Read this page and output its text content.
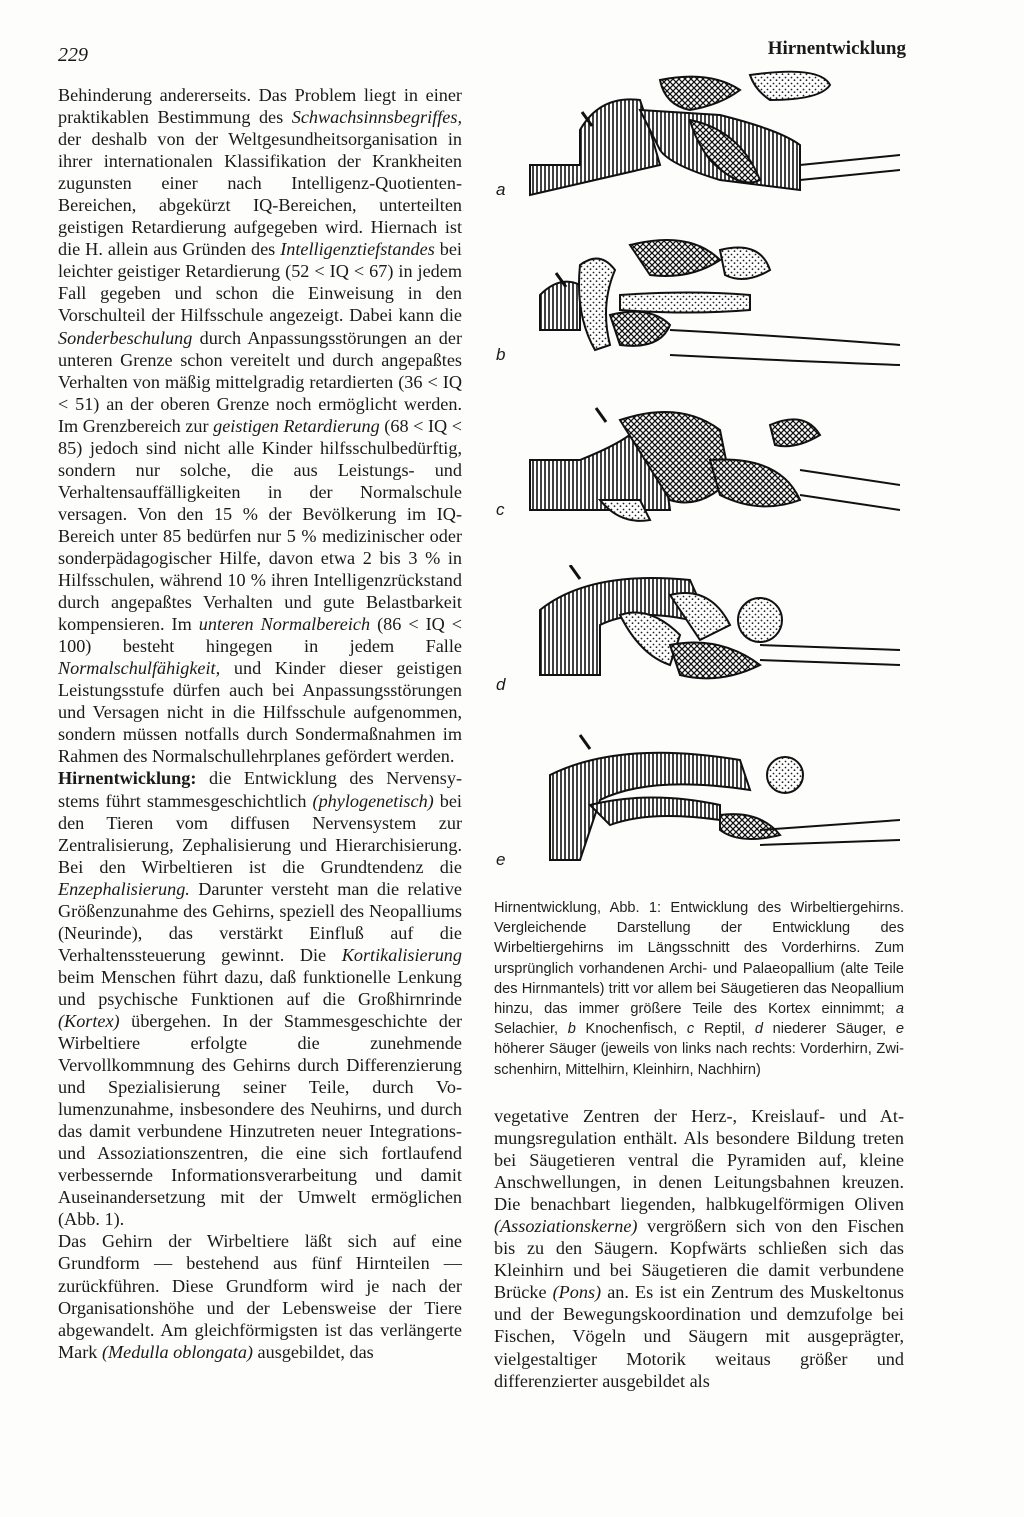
229	Hirnentwicklung

Behinderung andererseits. Das Problem liegt in einer praktikablen Bestimmung des Schwachsinnsbegriffes, der deshalb von der Weltgesundheitsorganisation in ihrer internationalen Klassifikation der Krankheiten zugunsten einer nach Intelligenz-Quotienten-Bereichen, abgekürzt IQ-Bereichen, unterteilten geistigen Retardierung aufgegeben wird. Hiernach ist die H. allein aus Gründen des Intelligenztiefstandes bei leichter geistiger Retardierung (52 < IQ < 67) in jedem Fall gegeben und schon die Einweisung in den Vorschulteil der Hilfsschule angezeigt. Dabei kann die Sonderbeschulung durch Anpassungsstörungen an der unteren Grenze schon vereitelt und durch angepaßtes Verhalten von mäßig mittelgradig retardierten (36 < IQ < 51) an der oberen Grenze noch ermöglicht werden. Im Grenzbereich zur geistigen Retardierung (68 < IQ < 85) jedoch sind nicht alle Kinder hilfsschulbedürftig, sondern nur solche, die aus Leistungs- und Verhaltensauffälligkeiten in der Normalschule versagen. Von den 15 % der Bevölkerung im IQ-Bereich unter 85 bedürfen nur 5 % medizinischer oder sonderpädagogischer Hilfe, davon etwa 2 bis 3 % in Hilfsschulen, während 10 % ihren Intelligenzrückstand durch angepaßtes Verhalten und gute Belastbarkeit kompensieren. Im unteren Normalbereich (86 < IQ < 100) besteht hingegen in jedem Falle Normalschulfähigkeit, und Kinder dieser geistigen Leistungsstufe dürfen auch bei Anpassungsstörungen und Versagen nicht in die Hilfsschule aufgenommen, sondern müssen notfalls durch Sondermaßnahmen im Rahmen des Normalschullehrplanes gefördert werden.

Hirnentwicklung: die Entwicklung des Nervensystems führt stammesgeschichtlich (phylogenetisch) bei den Tieren vom diffusen Nervensystem zur Zentralisierung, Zephalisierung und Hierarchisierung. Bei den Wirbeltieren ist die Grundtendenz die Enzephalisierung. Darunter versteht man die relative Größenzunahme des Gehirns, speziell des Neopalliums (Neurinde), das verstärkt Einfluß auf die Verhaltenssteuerung gewinnt. Die Kortikalisierung beim Menschen führt dazu, daß funktionelle Lenkung und psychische Funktionen auf die Großhirnrinde (Kortex) übergehen. In der Stammesgeschichte der Wirbeltiere erfolgte die zunehmende Vervollkommnung des Gehirns durch Differenzierung und Spezialisierung seiner Teile, durch Volumenzunahme, insbesondere des Neuhirns, und durch das damit verbundene Hinzutreten neuer Integrations- und Assoziationszentren, die eine sich fortlaufend verbessernde Informationsverarbeitung und damit Auseinandersetzung mit der Umwelt ermöglichen (Abb. 1).

Das Gehirn der Wirbeltiere läßt sich auf eine Grundform — bestehend aus fünf Hirnteilen — zurückführen. Diese Grundform wird je nach der Organisationshöhe und der Lebensweise der Tiere abgewandelt. Am gleichförmigsten ist das verlängerte Mark (Medulla oblongata) ausgebildet, das

a
b
c
d
e
Hirnentwicklung, Abb. 1: Entwicklung des Wirbeltiergehirns. Vergleichende Darstellung der Entwicklung des Wirbeltiergehirns im Längsschnitt des Vorderhirns. Zum ursprünglich vorhandenen Archi- und Palaeopallium (alte Teile des Hirnmantels) tritt vor allem bei Säugetieren das Neopallium hinzu, das immer größere Teile des Kortex einnimmt; a Selachier, b Knochenfisch, c Reptil, d niederer Säuger, e höherer Säuger (jeweils von links nach rechts: Vorderhirn, Zwischenhirn, Mittelhirn, Kleinhirn, Nachhirn)

vegetative Zentren der Herz-, Kreislauf- und Atmungsregulation enthält. Als besondere Bildung treten bei Säugetieren ventral die Pyramiden auf, kleine Anschwellungen, in denen Leitungsbahnen kreuzen. Die benachbart liegenden, halbkugelförmigen Oliven (Assoziationskerne) vergrößern sich von den Fischen bis zu den Säugern. Kopfwärts schließen sich das Kleinhirn und bei Säugetieren die damit verbundene Brücke (Pons) an. Es ist ein Zentrum des Muskeltonus und der Bewegungskoordination und demzufolge bei Fischen, Vögeln und Säugern mit ausgeprägter, vielgestaltiger Motorik weitaus größer und differenzierter ausgebildet als
